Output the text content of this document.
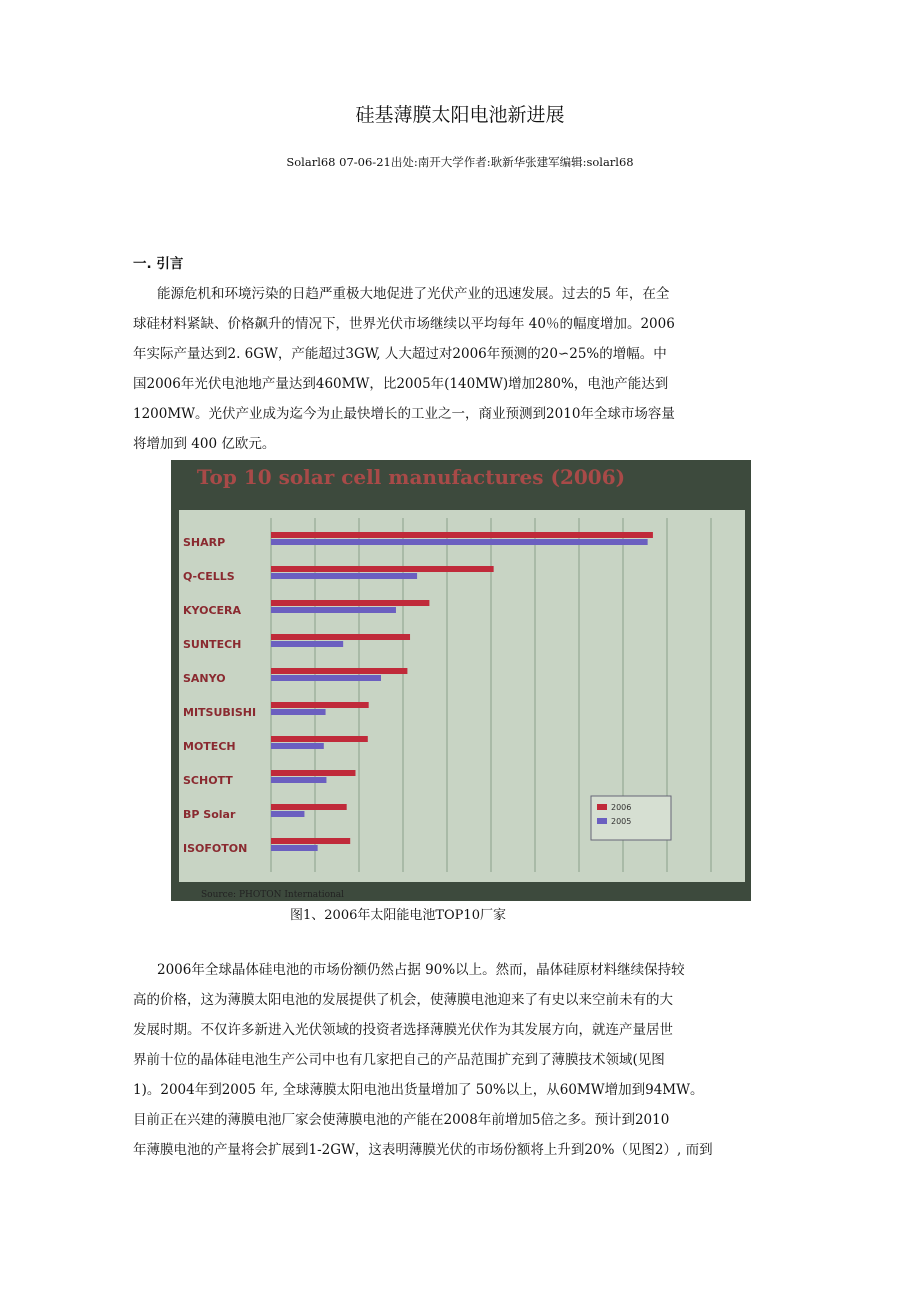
硅基薄膜太阳电池新进展
Solarl68 07-06-21出处:南开大学作者:耿新华张建军编辑:solarl68
一. 引言
能源危机和环境污染的日趋严重极大地促进了光伏产业的迅速发展。过去的5 年，在全
球硅材料紧缺、价格飙升的情况下，世界光伏市场继续以平均每年 40％的幅度增加。2006
年实际产量达到2. 6GW，产能超过3GW, 人大超过对2006年预测的20∽25%的增幅。中
国2006年光伏电池地产量达到460MW，比2005年(140MW)增加280%，电池产能达到
1200MW。光伏产业成为迄今为止最快增长的工业之一，商业预测到2010年全球市场容量
将增加到 400 亿欧元。
Top 10 solar cell manufactures (2006)
SHARP
Q-CELLS
KYOCERA
SUNTECH
SANYO
MITSUBISHI
MOTECH
SCHOTT
BP Solar
ISOFOTON
2006
2005
Source: PHOTON International
图1、2006年太阳能电池TOP10厂家
2006年全球晶体硅电池的市场份额仍然占据 90%以上。然而，晶体硅原材料继续保持较
高的价格，这为薄膜太阳电池的发展提供了机会，使薄膜电池迎来了有史以来空前未有的大
发展时期。不仅许多新进入光伏领域的投资者选择薄膜光伏作为其发展方向，就连产量居世
界前十位的晶体硅电池生产公司中也有几家把自己的产品范围扩充到了薄膜技术领域(见图
1)。2004年到2005 年, 全球薄膜太阳电池出货量增加了 50%以上，从60MW增加到94MW。
目前正在兴建的薄膜电池厂家会使薄膜电池的产能在2008年前增加5倍之多。预计到2010
年薄膜电池的产量将会扩展到1-2GW，这表明薄膜光伏的市场份额将上升到20%（见图2）, 而到
